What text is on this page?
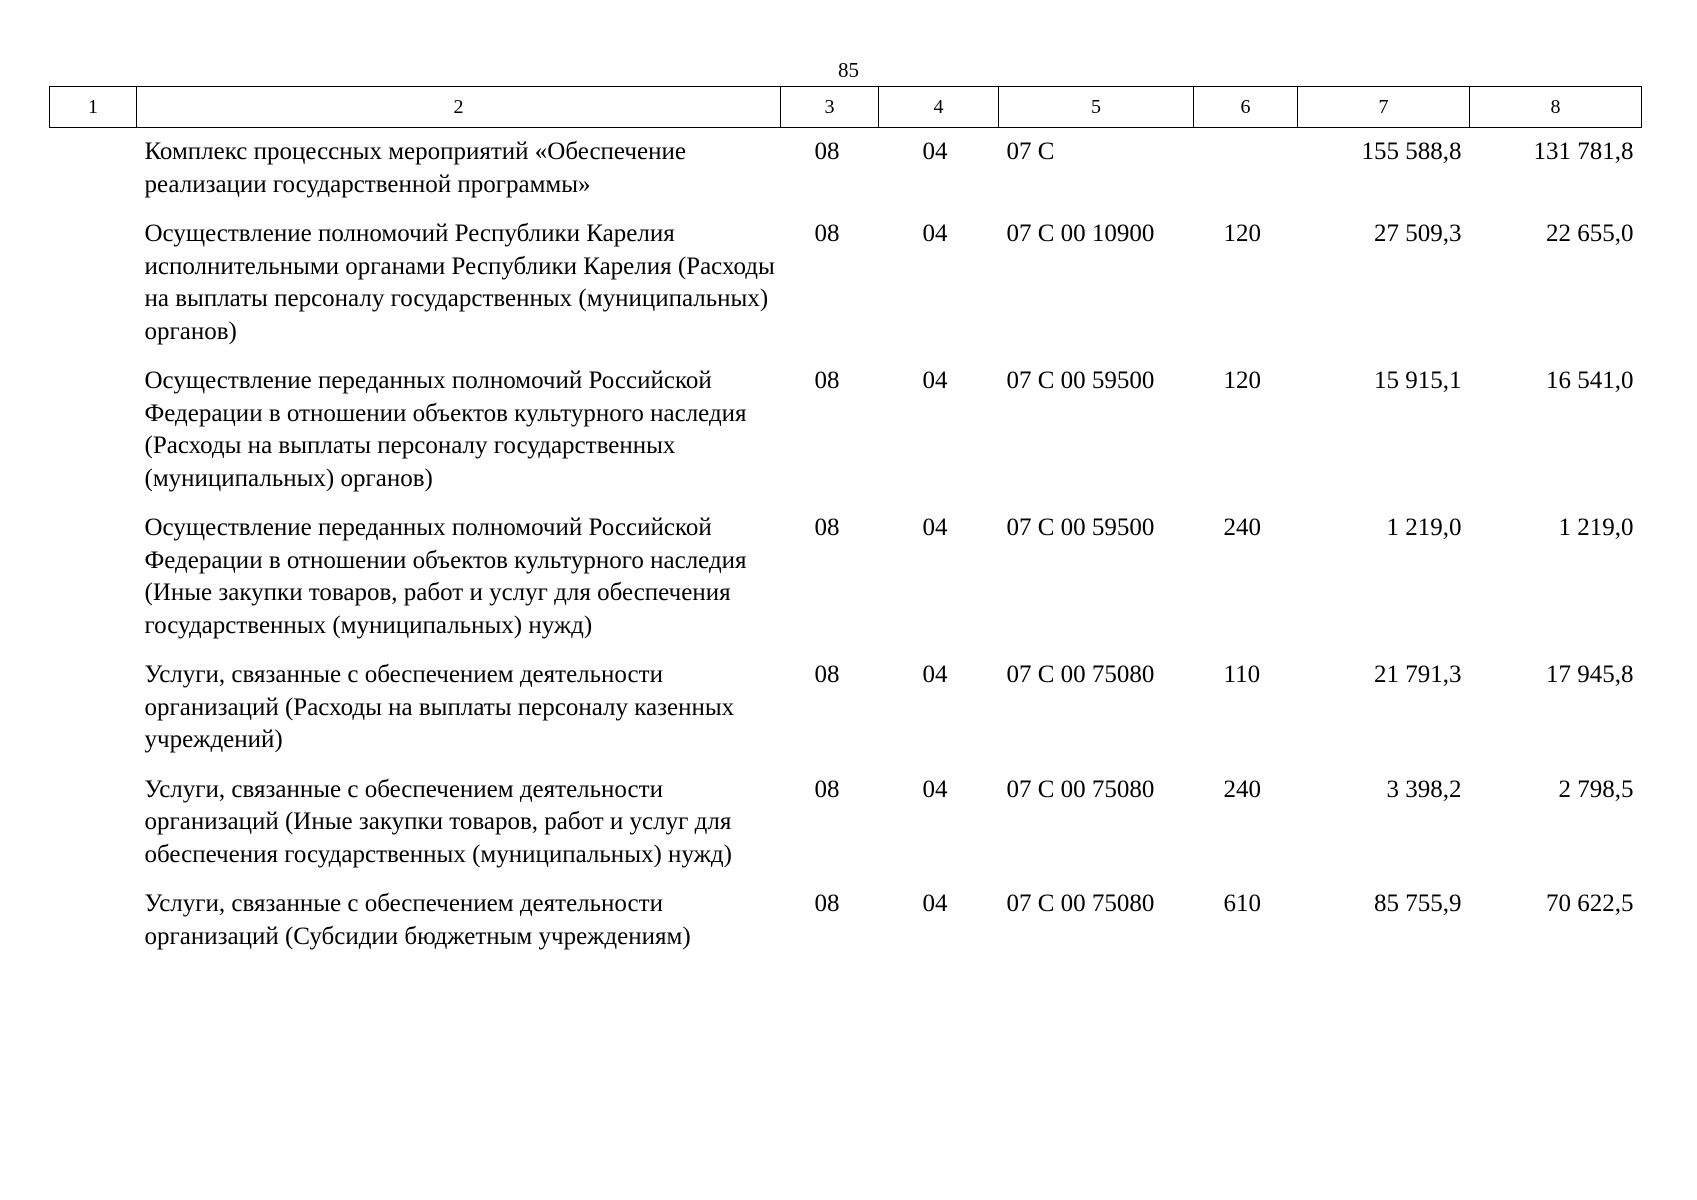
85
1	2	3	4	5	6	7	8
	Комплекс процессных мероприятий «Обеспечение реализации государственной программы»	08	04	07 С		155 588,8	131 781,8
	Осуществление полномочий Республики Карелия исполнительными органами Республики Карелия (Расходы на выплаты персоналу государственных (муниципальных) органов)	08	04	07 С 00 10900	120	27 509,3	22 655,0
	Осуществление переданных полномочий Российской Федерации в отношении объектов культурного наследия (Расходы на выплаты персоналу государственных (муниципальных) органов)	08	04	07 С 00 59500	120	15 915,1	16 541,0
	Осуществление переданных полномочий Российской Федерации в отношении объектов культурного наследия (Иные закупки товаров, работ и услуг для обеспечения государственных (муниципальных) нужд)	08	04	07 С 00 59500	240	1 219,0	1 219,0
	Услуги, связанные с обеспечением деятельности организаций (Расходы на выплаты персоналу казенных учреждений)	08	04	07 С 00 75080	110	21 791,3	17 945,8
	Услуги, связанные с обеспечением деятельности организаций (Иные закупки товаров, работ и услуг для обеспечения государственных (муниципальных) нужд)	08	04	07 С 00 75080	240	3 398,2	2 798,5
	Услуги, связанные с обеспечением деятельности организаций (Субсидии бюджетным учреждениям)	08	04	07 С 00 75080	610	85 755,9	70 622,5
